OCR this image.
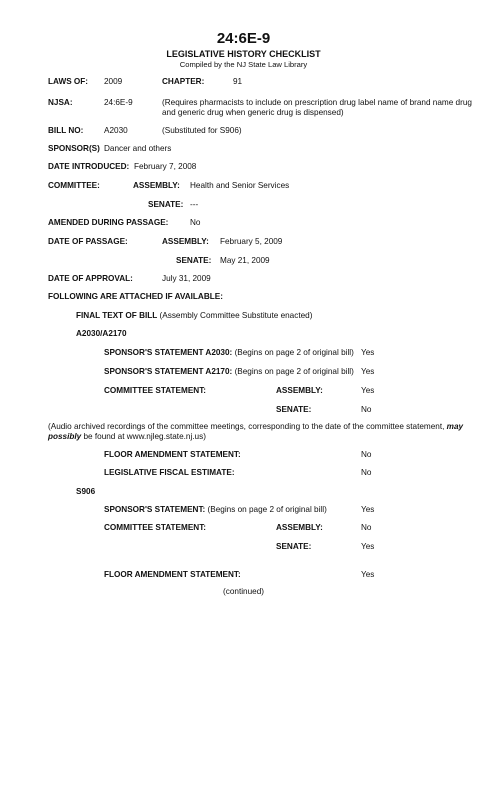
24:6E-9
LEGISLATIVE HISTORY CHECKLIST
Compiled by the NJ State Law Library
LAWS OF: 2009	CHAPTER:	91
NJSA:	24:6E-9	(Requires pharmacists to include on prescription drug label name of brand name drug and generic drug when generic drug is dispensed)
BILL NO:	A2030	(Substituted for S906)
SPONSOR(S) Dancer and others
DATE INTRODUCED: February 7, 2008
COMMITTEE:	ASSEMBLY: Health and Senior Services
SENATE: ---
AMENDED DURING PASSAGE:	No
DATE OF PASSAGE:	ASSEMBLY: February 5, 2009
SENATE: May 21, 2009
DATE OF APPROVAL:	July 31, 2009
FOLLOWING ARE ATTACHED IF AVAILABLE:
FINAL TEXT OF BILL (Assembly Committee Substitute enacted)
A2030/A2170
SPONSOR'S STATEMENT A2030: (Begins on page 2 of original bill) Yes
SPONSOR'S STATEMENT A2170: (Begins on page 2 of original bill) Yes
COMMITTEE STATEMENT:	ASSEMBLY:	Yes
SENATE:	No
(Audio archived recordings of the committee meetings, corresponding to the date of the committee statement, may possibly be found at www.njleg.state.nj.us)
FLOOR AMENDMENT STATEMENT:	No
LEGISLATIVE FISCAL ESTIMATE:	No
S906
SPONSOR'S STATEMENT: (Begins on page 2 of original bill)	Yes
COMMITTEE STATEMENT:	ASSEMBLY:	No
SENATE:	Yes
FLOOR AMENDMENT STATEMENT:	Yes
(continued)
